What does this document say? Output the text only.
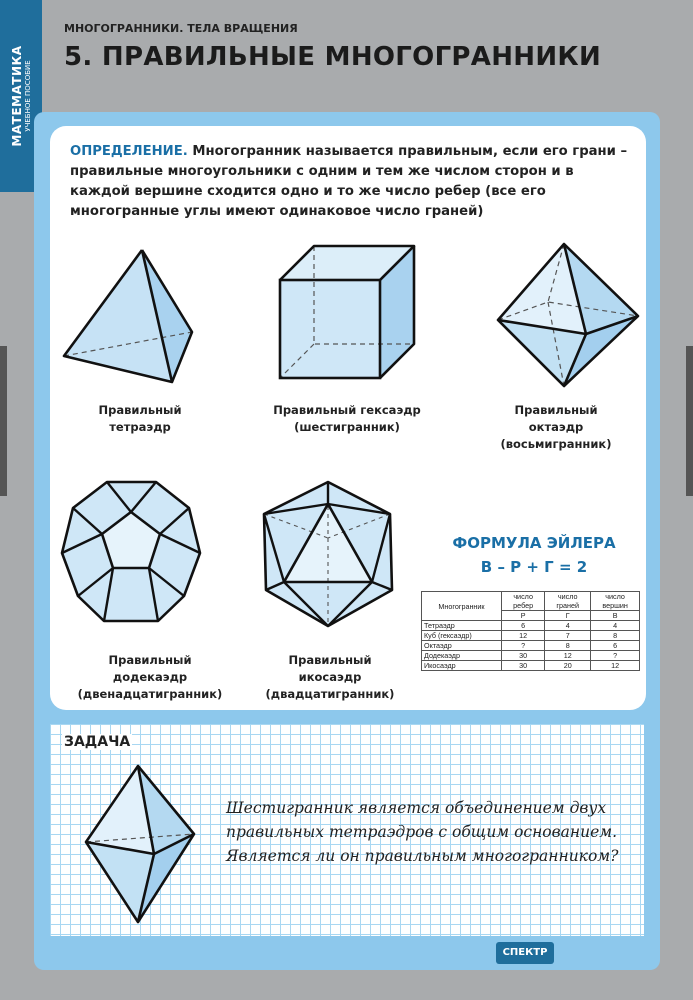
МАТЕМАТИКА УЧЕБНОЕ ПОСОБИЕ
МНОГОГРАННИКИ. ТЕЛА ВРАЩЕНИЯ
5. ПРАВИЛЬНЫЕ МНОГОГРАННИКИ
ОПРЕДЕЛЕНИЕ. Многогранник называется правильным, если его грани – правильные многоугольники с одним и тем же числом сторон и в каждой вершине сходится одно и то же число ребер (все его многогранные углы имеют одинаковое число граней)
Правильный
тетраэдр
Правильный гексаэдр
(шестигранник)
Правильный
октаэдр
(восьмигранник)
Правильный
додекаэдр
(двенадцатигранник)
Правильный
икосаэдр
(двадцатигранник)
ФОРМУЛА ЭЙЛЕРА
В – Р + Г = 2
Многогранник	число ребер	число граней	число вершин
	Р	Г	В
Тетраэдр	6	4	4
Куб (гексаэдр)	12	7	8
Октаэдр	?	8	6
Додекаэдр	30	12	?
Икосаэдр	30	20	12
ЗАДАЧА
Шестигранник является объединением двух
правильных тетраэдров с общим основанием.
Является ли он правильным многогранником?
СПЕКТР
